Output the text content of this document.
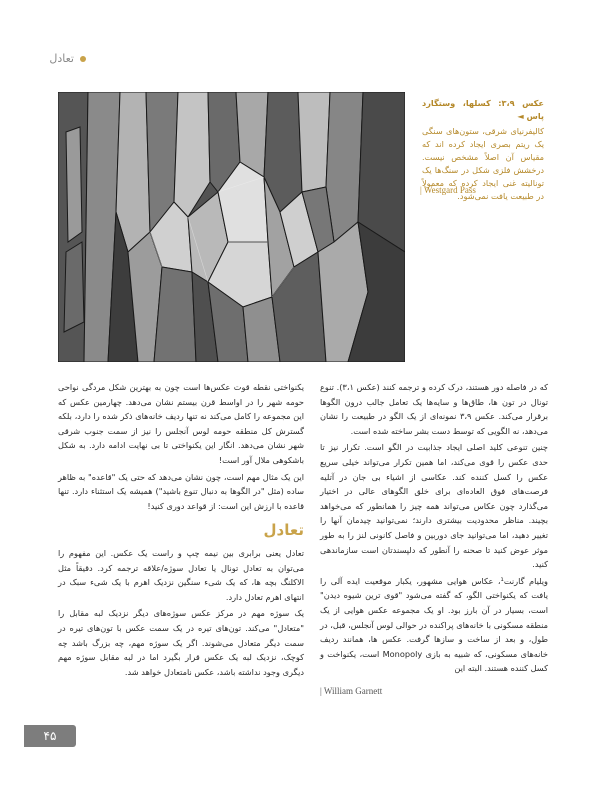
تعادل
عکس ۳،۹: کسلها، وستگارد پاس ◄
کالیفرنیای شرقی، ستون‌های سنگی یک ریتم بصری ایجاد کرده اند که مقیاس آن اصلاً مشخص نیست. درخشش فلزی شکل در سنگ‌ها یک تونالیته غنی ایجاد کرده که معمولاً در طبیعت یافت نمی‌شود.
| Westgard Pass

که در فاصله دور هستند، درک کرده و ترجمه کنند (عکس ۳،۱). تنوع تونال در تون ها، طاق‌ها و سایه‌ها یک تعامل جالب درون الگوها برقرار می‌کند. عکس ۳،۹ نمونه‌ای از یک الگو در طبیعت را نشان می‌دهد، نه الگویی که توسط دست بشر ساخته شده است.

چنین تنوعی کلید اصلی ایجاد جذابیت در الگو است. تکرار نیز تا حدی عکس را قوی می‌کند، اما همین تکرار می‌تواند خیلی سریع عکس را کسل کننده کند. عکاسی از اشیاء بی جان در آتلیه فرصت‌های فوق العاده‌ای برای خلق الگوهای عالی در اختیار می‌گذارد چون عکاس می‌تواند همه چیز را همانطور که می‌خواهد بچیند. مناظر محدودیت بیشتری دارند؛ نمی‌توانید چیدمان آنها را تغییر دهید، اما می‌توانید جای دوربین و فاصل کانونی لنز را به طور موثر عوض کنید تا صحنه را آنطور که دلپسندتان است سازماندهی کنید.

ویلیام گارنت¹، عکاس هوایی مشهور، یکبار موقعیت ایده آلی را یافت که یکنواختی الگو، که گفته می‌شود "قوی ترین شیوه دیدن" است، بسیار در آن بارز بود. او یک مجموعه عکس هوایی از یک منطقه مسکونی با خانه‌های پراکنده در حوالی لوس آنجلس، قبل، در طول، و بعد از ساخت و سازها گرفت. عکس ها، همانند ردیف خانه‌های مسکونی، که شبیه به بازی Monopoly است، یکنواخت و کسل کننده هستند. البته این

| William Garnett

یکنواختی نقطه قوت عکس‌ها است چون به بهترین شکل مردگی نواحی حومه شهر را در اواسط قرن بیستم نشان می‌دهد. چهارمین عکس که این مجموعه را کامل می‌کند نه تنها ردیف خانه‌های ذکر شده را دارد، بلکه گسترش کل منطقه حومه لوس آنجلس را نیز از سمت جنوب شرقی شهر نشان می‌دهد. انگار این یکنواختی تا بی نهایت ادامه دارد. به شکل باشکوهی ملال آور است!

این یک مثال مهم است، چون نشان می‌دهد که حتی یک "قاعده" به ظاهر ساده (مثل "در الگوها به دنبال تنوع باشید") همیشه یک استثناء دارد. تنها قاعده با ارزش این است: از قواعد دوری کنید!

تعادل

تعادل یعنی برابری بین نیمه چپ و راست یک عکس. این مفهوم را می‌توان به تعادل تونال یا تعادل سوژه/علاقه ترجمه کرد. دقیقاً مثل الاکلنگ بچه ها، که یک شیء سنگین نزدیک اهرم با یک شیء سبک در انتهای اهرم تعادل دارد.

یک سوژه مهم در مرکز عکس سوژه‌های دیگر نزدیک لبه مقابل را "متعادل" می‌کند. تون‌های تیره در یک سمت عکس با تون‌های تیره در سمت دیگر متعادل می‌شوند. اگر یک سوژه مهم، چه بزرگ باشد چه کوچک، نزدیک لبه یک عکس قرار بگیرد اما در لبه مقابل سوژه مهم دیگری وجود نداشته باشد، عکس نامتعادل خواهد شد.

۴۵
